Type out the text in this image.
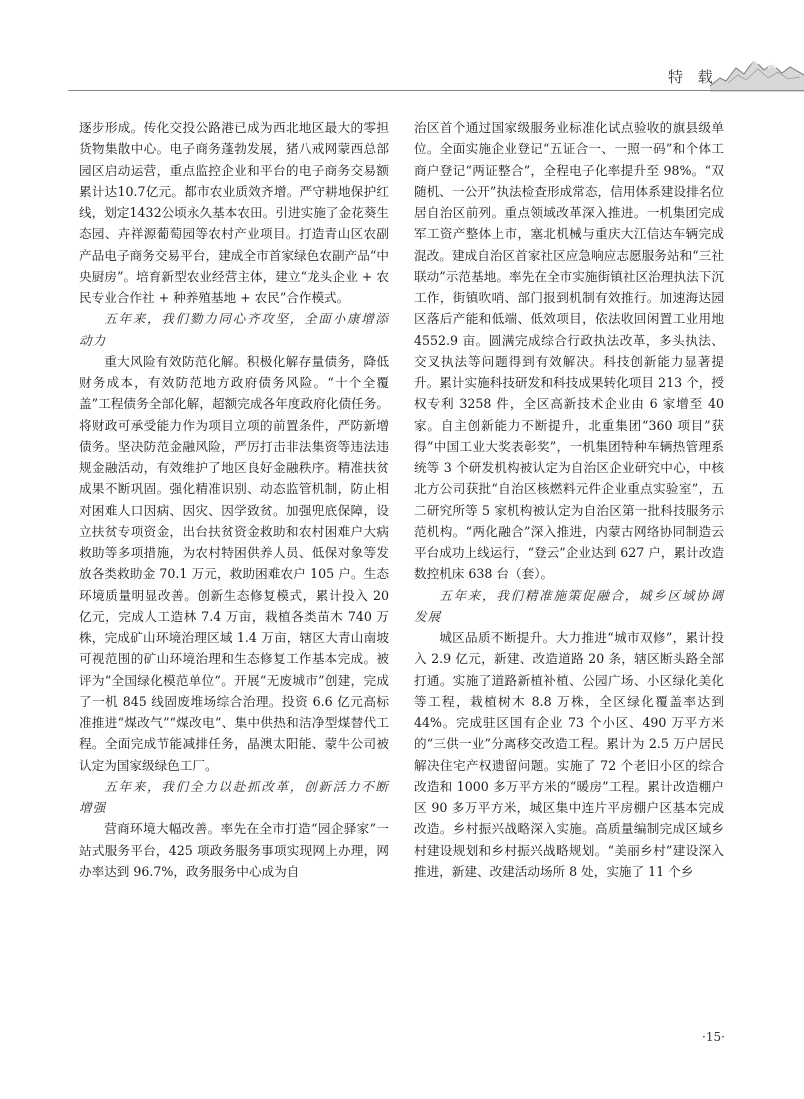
特 载

逐步形成。传化交投公路港已成为西北地区最大的零担货物集散中心。电子商务蓬勃发展，猪八戒网蒙西总部园区启动运营，重点监控企业和平台的电子商务交易额累计达10.7亿元。都市农业质效齐增。严守耕地保护红线，划定1432公顷永久基本农田。引进实施了金花葵生态园、卉祥源葡萄园等农村产业项目。打造青山区农副产品电子商务交易平台，建成全市首家绿色农副产品“中央厨房”。培育新型农业经营主体，建立“龙头企业 + 农民专业合作社 + 种养殖基地 + 农民”合作模式。

五年来，我们勠力同心齐攻坚，全面小康增添动力

重大风险有效防范化解。积极化解存量债务，降低财务成本，有效防范地方政府债务风险。“十个全覆盖”工程债务全部化解，超额完成各年度政府化债任务。将财政可承受能力作为项目立项的前置条件，严防新增债务。坚决防范金融风险，严厉打击非法集资等违法违规金融活动，有效维护了地区良好金融秩序。精准扶贫成果不断巩固。强化精准识别、动态监管机制，防止相对困难人口因病、因灾、因学致贫。加强兜底保障，设立扶贫专项资金，出台扶贫资金救助和农村困难户大病救助等多项措施，为农村特困供养人员、低保对象等发放各类救助金 70.1 万元，救助困难农户 105 户。生态环境质量明显改善。创新生态修复模式，累计投入 20 亿元，完成人工造林 7.4 万亩，栽植各类苗木 740 万株，完成矿山环境治理区域 1.4 万亩，辖区大青山南坡可视范围的矿山环境治理和生态修复工作基本完成。被评为“全国绿化模范单位”。开展“无废城市”创建，完成了一机 845 线固废堆场综合治理。投资 6.6 亿元高标准推进“煤改气”“煤改电”、集中供热和洁净型煤替代工程。全面完成节能减排任务，晶澳太阳能、蒙牛公司被认定为国家级绿色工厂。

五年来，我们全力以赴抓改革，创新活力不断增强

营商环境大幅改善。率先在全市打造“园企驿家”一站式服务平台，425 项政务服务事项实现网上办理，网办率达到 96.7%，政务服务中心成为自

治区首个通过国家级服务业标准化试点验收的旗县级单位。全面实施企业登记“五证合一、一照一码”和个体工商户登记“两证整合”，全程电子化率提升至 98%。“双随机、一公开”执法检查形成常态，信用体系建设排名位居自治区前列。重点领域改革深入推进。一机集团完成军工资产整体上市，塞北机械与重庆大江信达车辆完成混改。建成自治区首家社区应急响应志愿服务站和“三社联动”示范基地。率先在全市实施街镇社区治理执法下沉工作，街镇吹哨、部门报到机制有效推行。加速海达园区落后产能和低端、低效项目，依法收回闲置工业用地 4552.9 亩。圆满完成综合行政执法改革，多头执法、交叉执法等问题得到有效解决。科技创新能力显著提升。累计实施科技研发和科技成果转化项目 213 个，授权专利 3258 件，全区高新技术企业由 6 家增至 40 家。自主创新能力不断提升，北重集团“360 项目”获得“中国工业大奖表彰奖”，一机集团特种车辆热管理系统等 3 个研发机构被认定为自治区企业研究中心，中核北方公司获批“自治区核燃料元件企业重点实验室”，五二研究所等 5 家机构被认定为自治区第一批科技服务示范机构。“两化融合”深入推进，内蒙古网络协同制造云平台成功上线运行，“登云”企业达到 627 户，累计改造数控机床 638 台（套）。

五年来，我们精准施策促融合，城乡区域协调发展

城区品质不断提升。大力推进“城市双修”，累计投入 2.9 亿元，新建、改造道路 20 条，辖区断头路全部打通。实施了道路新植补植、公园广场、小区绿化美化等工程，栽植树木 8.8 万株，全区绿化覆盖率达到 44%。完成驻区国有企业 73 个小区、490 万平方米的“三供一业”分离移交改造工程。累计为 2.5 万户居民解决住宅产权遗留问题。实施了 72 个老旧小区的综合改造和 1000 多万平方米的“暖房”工程。累计改造棚户区 90 多万平方米，城区集中连片平房棚户区基本完成改造。乡村振兴战略深入实施。高质量编制完成区域乡村建设规划和乡村振兴战略规划。“美丽乡村”建设深入推进，新建、改建活动场所 8 处，实施了 11 个乡

·15·
